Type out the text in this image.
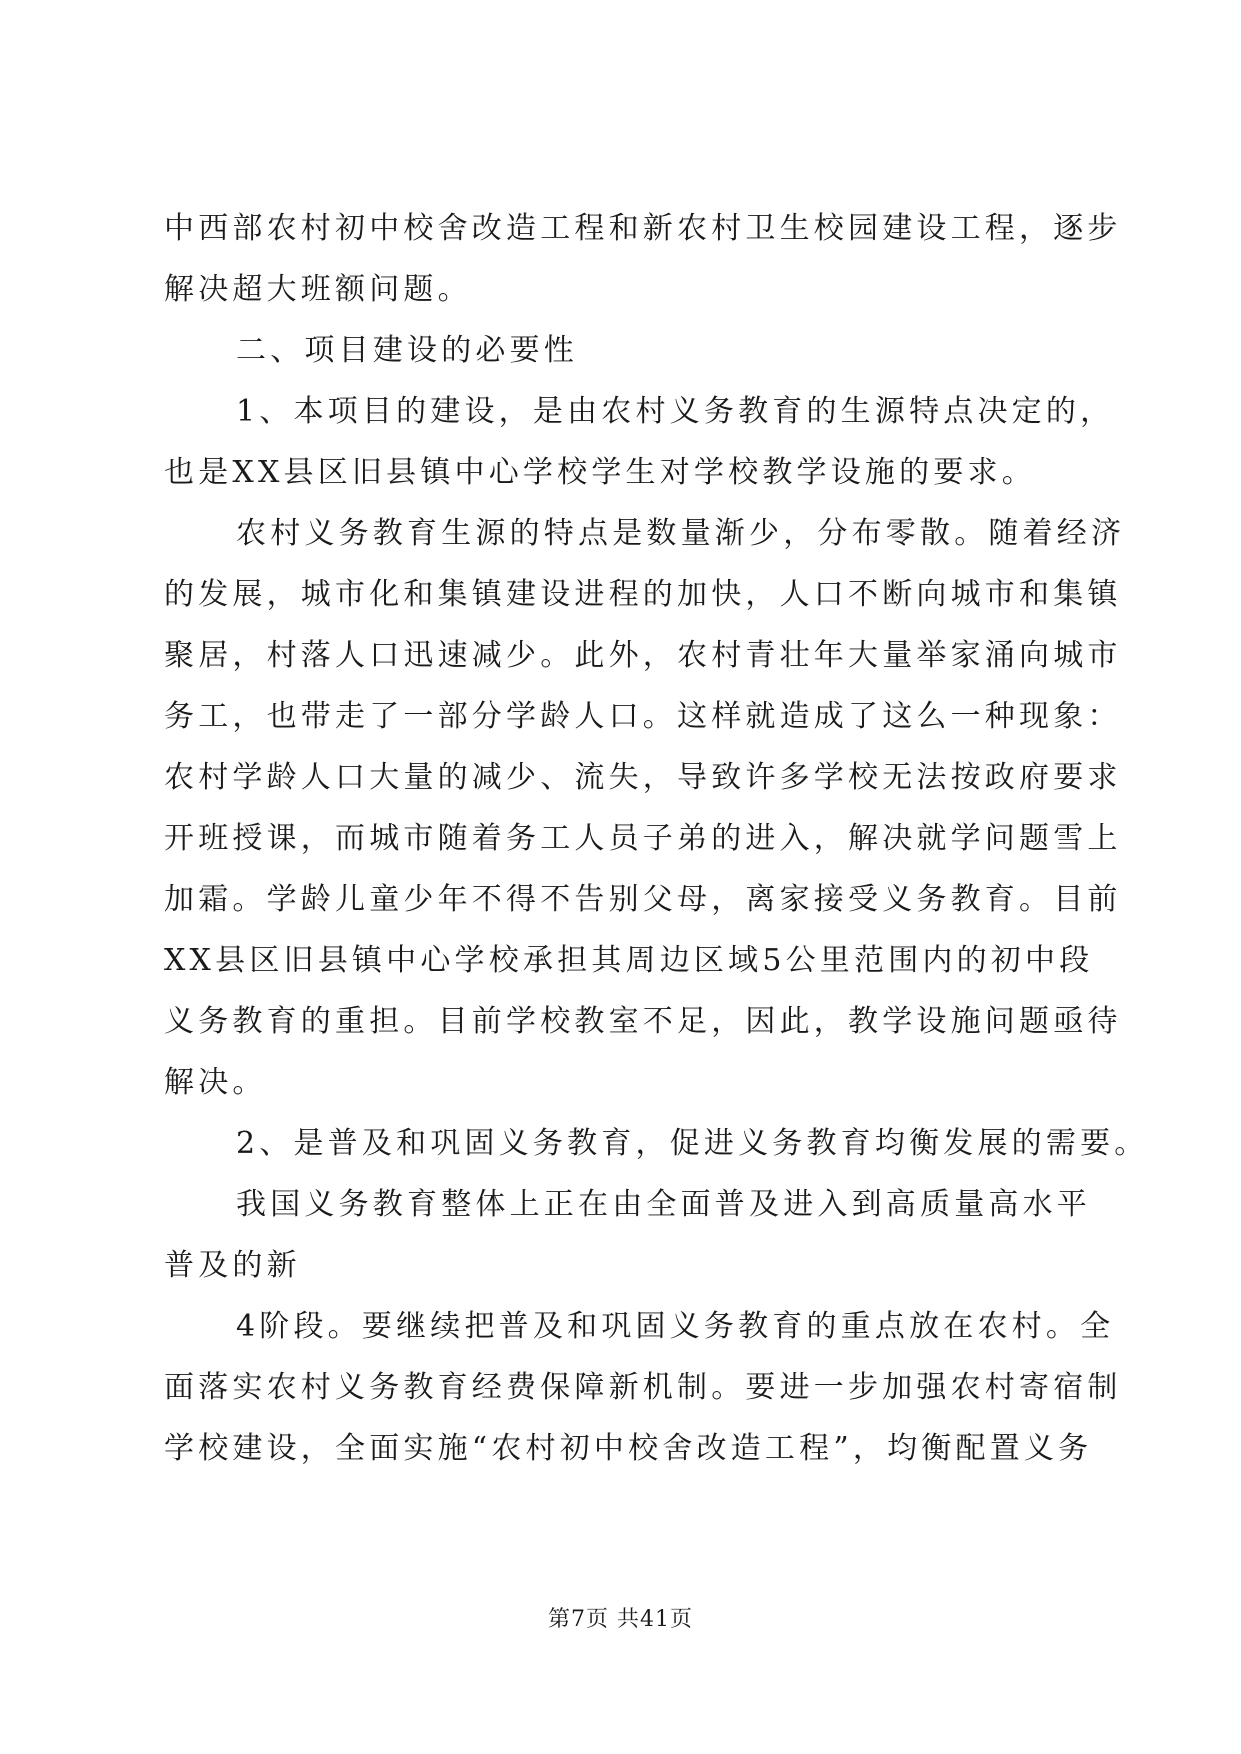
中西部农村初中校舍改造工程和新农村卫生校园建设工程，逐步
解决超大班额问题。
二、项目建设的必要性
1、本项目的建设，是由农村义务教育的生源特点决定的，
也是XX县区旧县镇中心学校学生对学校教学设施的要求。
农村义务教育生源的特点是数量渐少，分布零散。随着经济
的发展，城市化和集镇建设进程的加快，人口不断向城市和集镇
聚居，村落人口迅速减少。此外，农村青壮年大量举家涌向城市
务工，也带走了一部分学龄人口。这样就造成了这么一种现象：
农村学龄人口大量的减少、流失，导致许多学校无法按政府要求
开班授课，而城市随着务工人员子弟的进入，解决就学问题雪上
加霜。学龄儿童少年不得不告别父母，离家接受义务教育。目前
XX县区旧县镇中心学校承担其周边区域5公里范围内的初中段
义务教育的重担。目前学校教室不足，因此，教学设施问题亟待
解决。
2、是普及和巩固义务教育，促进义务教育均衡发展的需要。
我国义务教育整体上正在由全面普及进入到高质量高水平
普及的新
4阶段。要继续把普及和巩固义务教育的重点放在农村。全
面落实农村义务教育经费保障新机制。要进一步加强农村寄宿制
学校建设，全面实施“农村初中校舍改造工程”，均衡配置义务
第7页 共41页
